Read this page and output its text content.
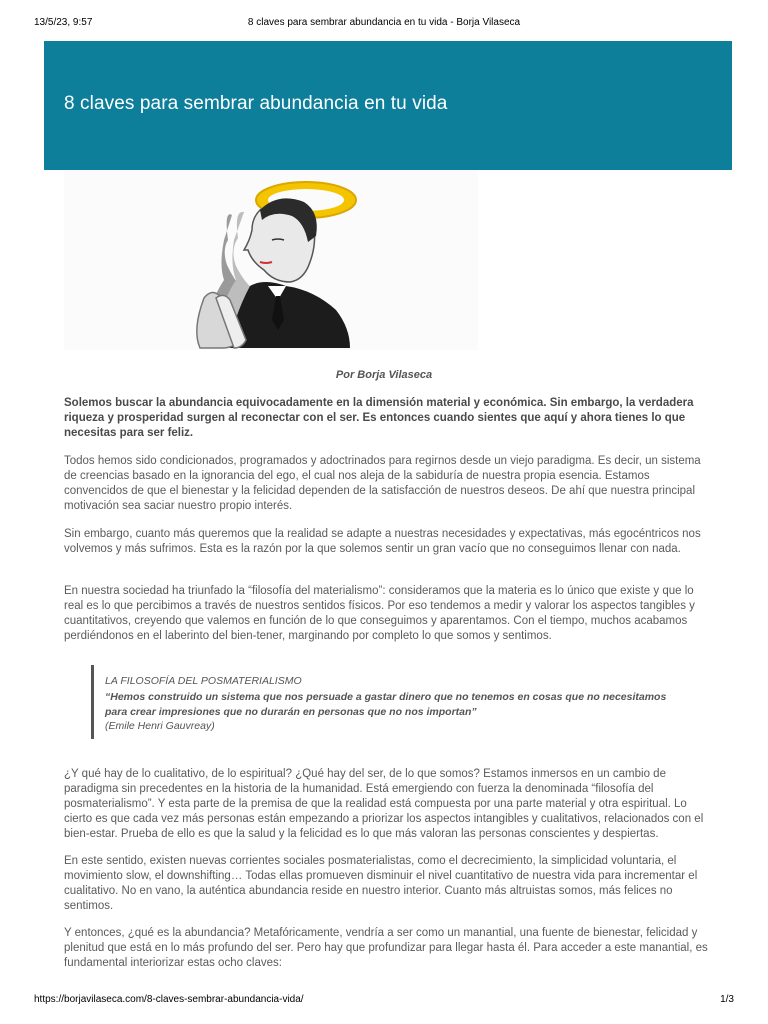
13/5/23, 9:57	8 claves para sembrar abundancia en tu vida - Borja Vilaseca
8 claves para sembrar abundancia en tu vida
Por Borja Vilaseca

Solemos buscar la abundancia equivocadamente en la dimensión material y económica. Sin embargo, la verdadera riqueza y prosperidad surgen al reconectar con el ser. Es entonces cuando sientes que aquí y ahora tienes lo que necesitas para ser feliz.

Todos hemos sido condicionados, programados y adoctrinados para regirnos desde un viejo paradigma. Es decir, un sistema de creencias basado en la ignorancia del ego, el cual nos aleja de la sabiduría de nuestra propia esencia. Estamos convencidos de que el bienestar y la felicidad dependen de la satisfacción de nuestros deseos. De ahí que nuestra principal motivación sea saciar nuestro propio interés.

Sin embargo, cuanto más queremos que la realidad se adapte a nuestras necesidades y expectativas, más egocéntricos nos volvemos y más sufrimos. Esta es la razón por la que solemos sentir un gran vacío que no conseguimos llenar con nada.

En nuestra sociedad ha triunfado la “filosofía del materialismo”: consideramos que la materia es lo único que existe y que lo real es lo que percibimos a través de nuestros sentidos físicos. Por eso tendemos a medir y valorar los aspectos tangibles y cuantitativos, creyendo que valemos en función de lo que conseguimos y aparentamos. Con el tiempo, muchos acabamos perdiéndonos en el laberinto del bien-tener, marginando por completo lo que somos y sentimos.

LA FILOSOFÍA DEL POSMATERIALISMO

“Hemos construido un sistema que nos persuade a gastar dinero que no tenemos en cosas que no necesitamos para crear impresiones que no durarán en personas que no nos importan”

(Emile Henri Gauvreay)

¿Y qué hay de lo cualitativo, de lo espiritual? ¿Qué hay del ser, de lo que somos? Estamos inmersos en un cambio de paradigma sin precedentes en la historia de la humanidad. Está emergiendo con fuerza la denominada “filosofía del posmaterialismo”. Y esta parte de la premisa de que la realidad está compuesta por una parte material y otra espiritual. Lo cierto es que cada vez más personas están empezando a priorizar los aspectos intangibles y cualitativos, relacionados con el bien-estar. Prueba de ello es que la salud y la felicidad es lo que más valoran las personas conscientes y despiertas.

En este sentido, existen nuevas corrientes sociales posmaterialistas, como el decrecimiento, la simplicidad voluntaria, el movimiento slow, el downshifting… Todas ellas promueven disminuir el nivel cuantitativo de nuestra vida para incrementar el cualitativo. No en vano, la auténtica abundancia reside en nuestro interior. Cuanto más altruistas somos, más felices no sentimos.

Y entonces, ¿qué es la abundancia? Metafóricamente, vendría a ser como un manantial, una fuente de bienestar, felicidad y plenitud que está en lo más profundo del ser. Pero hay que profundizar para llegar hasta él. Para acceder a este manantial, es fundamental interiorizar estas ocho claves:

https://borjavilaseca.com/8-claves-sembrar-abundancia-vida/	1/3
